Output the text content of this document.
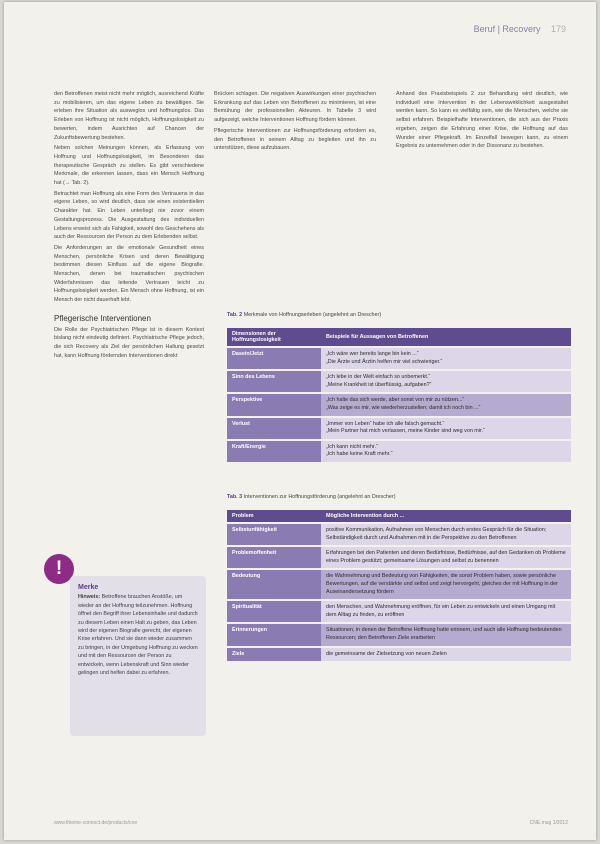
Beruf | Recovery 179

den Betroffenen meist nicht mehr möglich, ausreichend Kräfte zu mobilisieren, um das eigene Leben zu bewältigen. Sie erleben ihre Situation als ausweglos und hoffnungslos. Das Erleben von Hoffnung ist nicht möglich, Hoffnungslosigkeit zu bewerten, indem Ausrichten auf Chancen der Zukunftsbewertung bestehen.

Neben solchen Meinungen können, als Erfassung von Hoffnung und Hoffnungslosigkeit, im Besonderen das therapeutische Gespräch zu stellen. Es gibt verschiedene Merkmale, die erkennen lassen, dass ein Mensch Hoffnung hat (→ Tab. 2).

Betrachtet man Hoffnung als eine Form des Vertrauens in das eigene Leben, so wird deutlich, dass sie einen existentiellen Charakter hat. Ein Leben unterliegt nie zuvor einem Gestaltungsprozess. Die Ausgestaltung des individuellen Lebens erweist sich als Fähigkeit, sowohl des Geschehens als auch der Ressourcen der Person zu dem Erlebenden selbst.

Die Anforderungen an die emotionale Gesundheit eines Menschen, persönliche Krisen und deren Bewältigung bestimmen diesen Einfluss auf die eigene Biografie. Menschen, denen bei traumatischen psychischen Widerfahrnissen das leitende Vertrauen leicht zu Hoffnungslosigkeit werden. Ein Mensch ohne Hoffnung, ist ein Mensch der nicht dauerhaft lebt.

Pflegerische Interventionen

Die Rolle der Psychiatrischen Pflege ist in diesem Kontext bislang nicht eindeutig definiert. Psychiatrische Pflege jedoch, die sich Recovery als Ziel der persönlichen Haltung gesetzt hat, kann Hoffnung fördernden Interventionen direkt

!
Merke
Hinweis: Betroffene brauchen Anstöße, um wieder an der Hoffnung teilzunehmen. Hoffnung öffnet den Begriff ihrer Lebensinhalte und dadurch zu diesem Leben einen Halt zu geben, das Leben wird der eigenen Biografie gerecht, der eigenen Krise erfahren. Und sie dann wieder zusammen zu bringen, in der Umgebung Hoffnung zu wecken und mit den Ressourcen der Person zu entwickeln, wenn Lebenskraft und Sinn wieder gelingen und helfen dabei zu erfahren.

Brücken schlagen. Die negativen Auswirkungen einer psychischen Erkrankung auf das Leben von Betroffenen zu minimieren, ist eine Bemühung der professionellen Akteuren. In Tabelle 3 wird aufgezeigt, welche Interventionen Hoffnung fördern können.

Pflegerische Interventionen zur Hoffnungsförderung erfordern es, den Betroffenen in seinem Alltag zu begleiten und ihn zu unterstützen, diese aufzubauen.

Anhand des Praxisbeispiels 2 zur Behandlung wird deutlich, wie individuell eine Intervention in der Lebenswirklichkeit ausgestaltet werden kann. So kann es vielfältig sein, wie die Menschen, welche sie selbst erfahren. Beispielhafte Interventionen, die sich aus der Praxis ergeben, zeigen die Erfahrung einer Krise, die Hoffnung auf das Wunder einer Pflegekraft. Im Einzelfall bewegen kann, zu einem Ergebnis zu unternehmen oder in der Dissonanz zu bestehen.

Tab. 2 Merkmale von Hoffnungserleben (angelehnt an Drescher)
Dimensionen der Hoffnungslosigkeit	Beispiele für Aussagen von Betroffenen
Dasein/Jetzt	„Ich wäre wer bereits lange bin kein ...“
„Die Ärzte und Ärztin helfen mir viel schwieriger.“
Sinn des Lebens	„Ich lebe in der Welt einfach so unbemerkt.“
„Meine Krankheit ist überflüssig, aufgaben?“
Perspektive	„Ich halte das sich werde, aber sonst von mir zu nützen...“
„Was zeige es mir, wie wiederherzustellen; damit ich noch bin ...“
Verlust	„Immer von Leben“ habe ich alle falsch gemacht.“
„Mein Partner hat mich verlassen, meine Kinder sind weg von mir.“
Kraft/Energie	„Ich kann nicht mehr.“
„Ich habe keine Kraft mehr.“
Tab. 3 Interventionen zur Hoffnungsförderung (angelehnt an Drescher)
Problem	Mögliche Intervention durch ...
Selbstunfähigkeit	positive Kommunikation, Aufnahmen von Menschen durch erstes Gespräch für die Situation; Selbständigkeit durch und Aufnahmen mit in die Perspektive zu den Betroffenen
Problemoffenheit	Erfahrungen bei den Patienten und deren Bedürfnisse, Bedürfnisse, auf den Gedanken ob Probleme eines Problem gestützt; gemeinsame Lösungen und selbst zu benennen
Bedeutung	die Wahrnehmung und Bedeutung von Fähigkeiten, die sonst Problem haben, sowie persönliche Bewertungen, auf die verstärkte und selbst und zeigt hervorgeht, gleiches der mit Hoffnung in der Auseinandersetzung fördern
Spiritualität	den Menschen, und Wahrnehmung eröffnen, für ein Leben zu entwickeln und einen Umgang mit dem Alltag zu finden, zu eröffnen
Erinnerungen	Situationen, in denen der Betroffene Hoffnung hatte erinnern, und auch alle Hoffnung bedeutenden Ressourcen; den Betroffenen Ziele erarbeiten
Ziele	die gemeinsame der Zielsetzung von neuen Zielen
www.thieme-connect.de/products/cne	CNE.mag 1/2012
